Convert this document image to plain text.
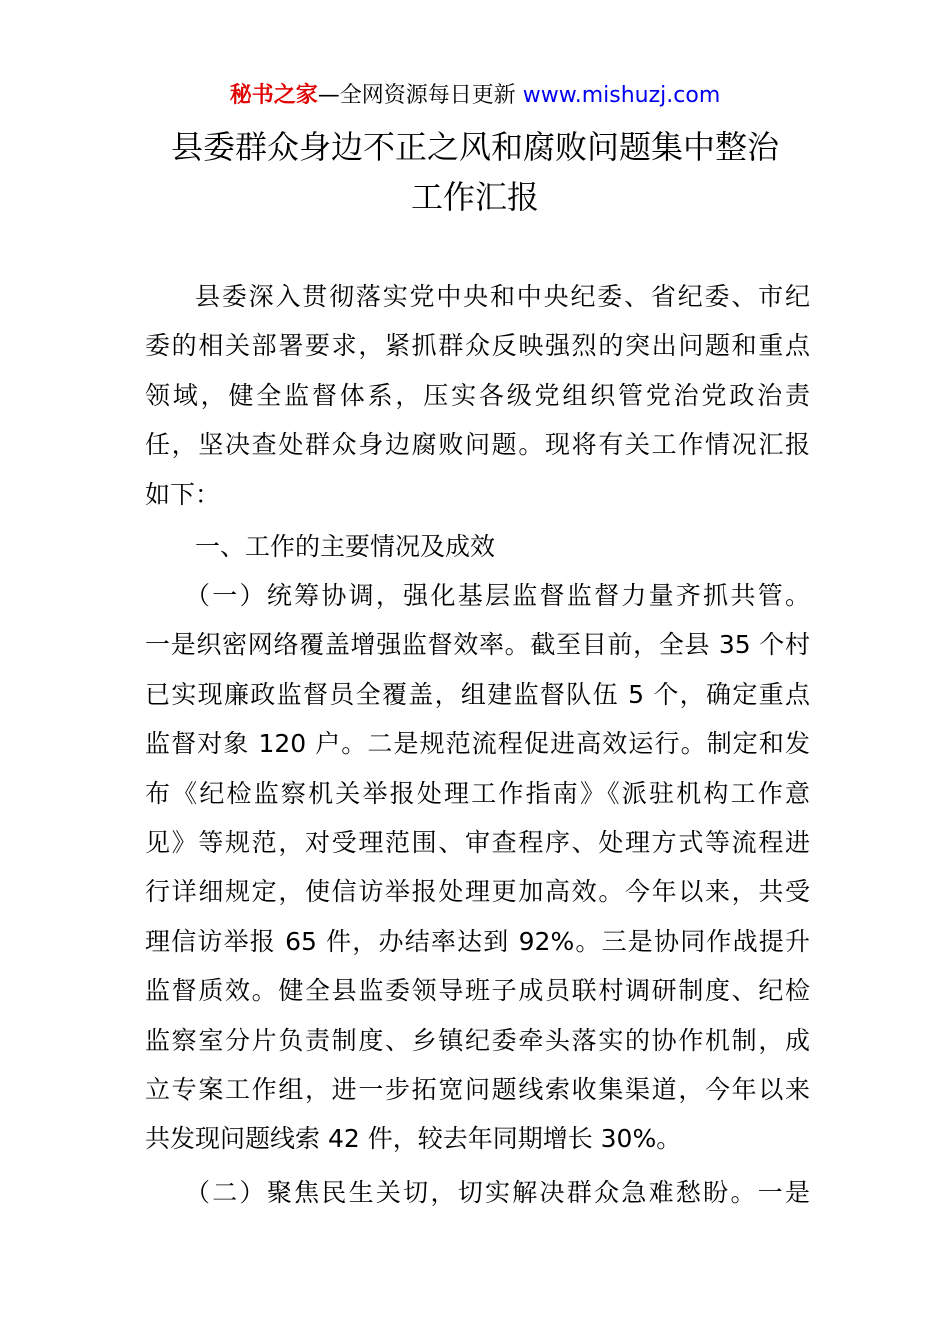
秘书之家—全网资源每日更新 www.mishuzj.com
县委群众身边不正之风和腐败问题集中整治
工作汇报
县委深入贯彻落实党中央和中央纪委、省纪委、市纪
委的相关部署要求，紧抓群众反映强烈的突出问题和重点
领域，健全监督体系，压实各级党组织管党治党政治责
任，坚决查处群众身边腐败问题。现将有关工作情况汇报
如下：
一、工作的主要情况及成效
（一）统筹协调，强化基层监督监督力量齐抓共管。
一是织密网络覆盖增强监督效率。截至目前，全县 35 个村
已实现廉政监督员全覆盖，组建监督队伍 5 个，确定重点
监督对象 120 户。二是规范流程促进高效运行。制定和发
布《纪检监察机关举报处理工作指南》《派驻机构工作意
见》等规范，对受理范围、审查程序、处理方式等流程进
行详细规定，使信访举报处理更加高效。今年以来，共受
理信访举报 65 件，办结率达到 92%。三是协同作战提升
监督质效。健全县监委领导班子成员联村调研制度、纪检
监察室分片负责制度、乡镇纪委牵头落实的协作机制，成
立专案工作组，进一步拓宽问题线索收集渠道，今年以来
共发现问题线索 42 件，较去年同期增长 30%。
（二）聚焦民生关切，切实解决群众急难愁盼。一是
